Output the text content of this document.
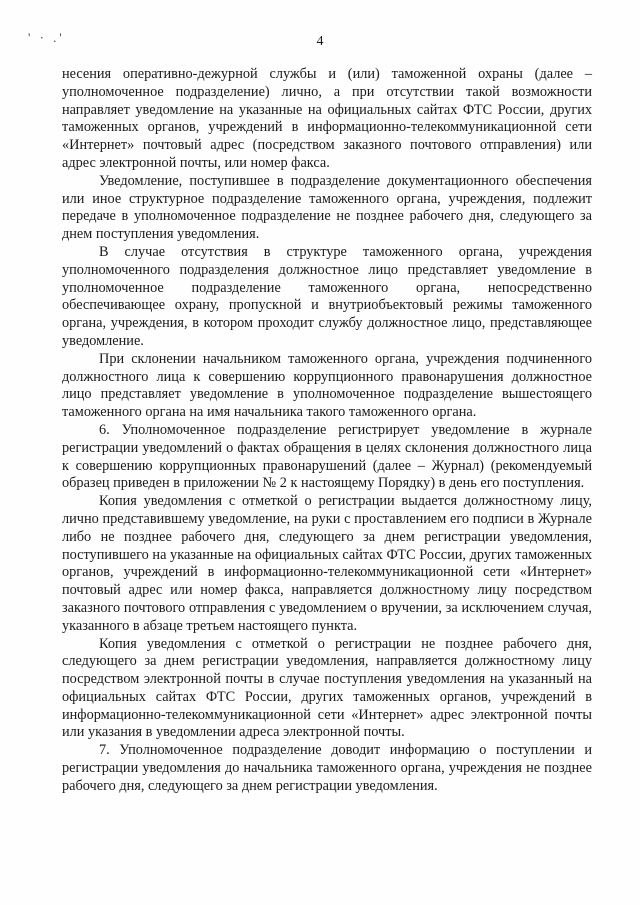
' · .'	4

несения оперативно-дежурной службы и (или) таможенной охраны (далее – уполномоченное подразделение) лично, а при отсутствии такой возможности направляет уведомление на указанные на официальных сайтах ФТС России, других таможенных органов, учреждений в информационно-телекоммуникационной сети «Интернет» почтовый адрес (посредством заказного почтового отправления) или адрес электронной почты, или номер факса.

Уведомление, поступившее в подразделение документационного обеспечения или иное структурное подразделение таможенного органа, учреждения, подлежит передаче в уполномоченное подразделение не позднее рабочего дня, следующего за днем поступления уведомления.

В случае отсутствия в структуре таможенного органа, учреждения уполномоченного подразделения должностное лицо представляет уведомление в уполномоченное подразделение таможенного органа, непосредственно обеспечивающее охрану, пропускной и внутриобъектовый режимы таможенного органа, учреждения, в котором проходит службу должностное лицо, представляющее уведомление.

При склонении начальником таможенного органа, учреждения подчиненного должностного лица к совершению коррупционного правонарушения должностное лицо представляет уведомление в уполномоченное подразделение вышестоящего таможенного органа на имя начальника такого таможенного органа.

6. Уполномоченное подразделение регистрирует уведомление в журнале регистрации уведомлений о фактах обращения в целях склонения должностного лица к совершению коррупционных правонарушений (далее – Журнал) (рекомендуемый образец приведен в приложении № 2 к настоящему Порядку) в день его поступления.

Копия уведомления с отметкой о регистрации выдается должностному лицу, лично представившему уведомление, на руки с проставлением его подписи в Журнале либо не позднее рабочего дня, следующего за днем регистрации уведомления, поступившего на указанные на официальных сайтах ФТС России, других таможенных органов, учреждений в информационно-телекоммуникационной сети «Интернет» почтовый адрес или номер факса, направляется должностному лицу посредством заказного почтового отправления с уведомлением о вручении, за исключением случая, указанного в абзаце третьем настоящего пункта.

Копия уведомления с отметкой о регистрации не позднее рабочего дня, следующего за днем регистрации уведомления, направляется должностному лицу посредством электронной почты в случае поступления уведомления на указанный на официальных сайтах ФТС России, других таможенных органов, учреждений в информационно-телекоммуникационной сети «Интернет» адрес электронной почты или указания в уведомлении адреса электронной почты.

7. Уполномоченное подразделение доводит информацию о поступлении и регистрации уведомления до начальника таможенного органа, учреждения не позднее рабочего дня, следующего за днем регистрации уведомления.
